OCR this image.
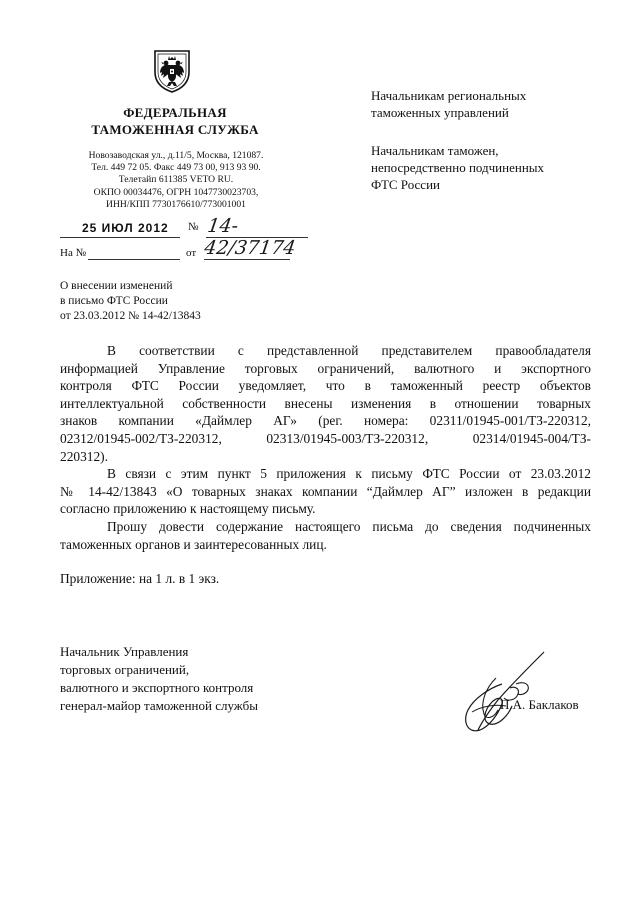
ФЕДЕРАЛЬНАЯ
ТАМОЖЕННАЯ СЛУЖБА
Новозаводская ул., д.11/5, Москва, 121087.
Тел. 449 72 05. Факс 449 73 00, 913 93 90.
Телетайп 611385 VETO RU.
ОКПО 00034476, ОГРН 1047730023703,
ИНН/КПП 7730176610/773001001
25 ИЮЛ 2012 № 14-42/37174
На №	от
О внесении изменений
в письмо ФТС России
от 23.03.2012 № 14-42/13843
Начальникам региональных
таможенных управлений
Начальникам таможен,
непосредственно подчиненных
ФТС России
В соответствии с представленной представителем правообладателя
информацией Управление торговых ограничений, валютного и экспортного
контроля ФТС России уведомляет, что в таможенный реестр объектов
интеллектуальной собственности внесены изменения в отношении товарных
знаков компании «Даймлер АГ» (рег. номера: 02311/01945-001/ТЗ-220312,
02312/01945-002/ТЗ-220312, 02313/01945-003/ТЗ-220312, 02314/01945-004/ТЗ-
220312).
В связи с этим пункт 5 приложения к письму ФТС России от 23.03.2012
№ 14-42/13843 «О товарных знаках компании “Даймлер АГ” изложен в редакции
согласно приложению к настоящему письму.
Прошу довести содержание настоящего письма до сведения подчиненных
таможенных органов и заинтересованных лиц.
Приложение: на 1 л. в 1 экз.
Начальник Управления
торговых ограничений,
валютного и экспортного контроля
генерал-майор таможенной службы	П.А. Баклаков
